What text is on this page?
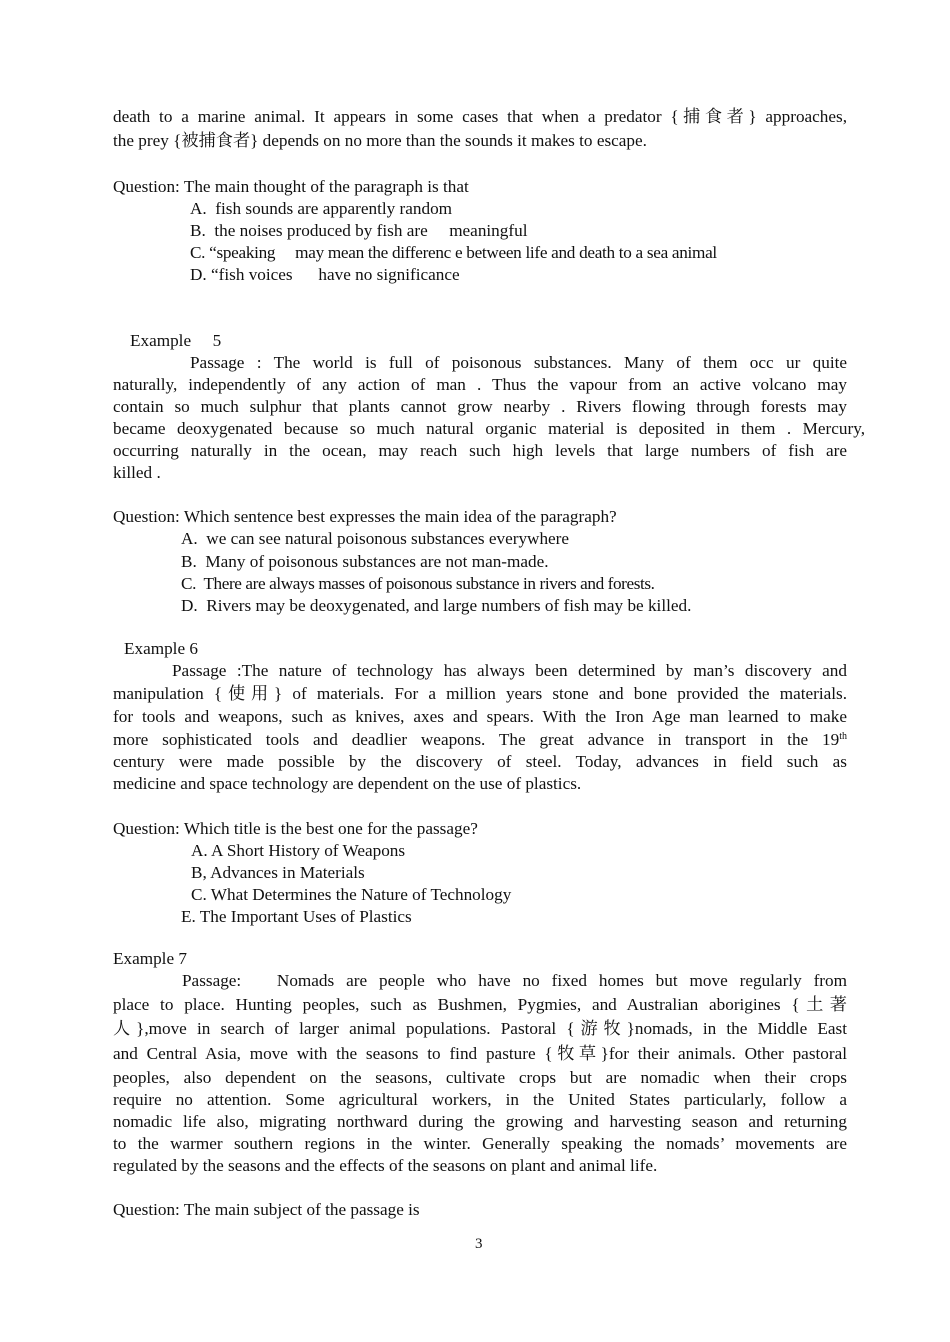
death to a marine animal. It appears in some cases that when a predator {捕食者} approaches,
the prey {被捕食者} depends on no more than the sounds it makes to escape.
Question: The main thought of the paragraph is that
A.  fish sounds are apparently random
B.  the noises produced by fish are     meaningful
C. “speaking     may mean the differenc e between life and death to a sea animal
D. “fish voices      have no significance
Example     5
Passage : The world is full of poisonous substances. Many of them occ ur quite
naturally, independently of any action of man . Thus the vapour from an active volcano may
contain so much sulphur that plants cannot grow nearby . Rivers flowing through forests may
became deoxygenated because so much natural organic material is deposited in them . Mercury,
occurring naturally in the ocean, may reach such high levels that large numbers of fish are
killed .
Question: Which sentence best expresses the main idea of the paragraph?
A.  we can see natural poisonous substances everywhere
B.  Many of poisonous substances are not man-made.
C.  There are always masses of poisonous substance in rivers and forests.
D.  Rivers may be deoxygenated, and large numbers of fish may be killed.
Example 6
Passage :The nature of technology has always been determined by man’s discovery and
manipulation {使用} of materials. For a million years stone and bone provided the materials.
for tools and weapons, such as knives, axes and spears. With the Iron Age man learned to make
more sophisticated tools and deadlier weapons. The great advance in transport in the 19th
century were made possible by the discovery of steel. Today, advances in field such as
medicine and space technology are dependent on the use of plastics.
Question: Which title is the best one for the passage?
A. A Short History of Weapons
B, Advances in Materials
C. What Determines the Nature of Technology
E. The Important Uses of Plastics
Example 7
Passage:   Nomads are people who have no fixed homes but move regularly from
place to place. Hunting peoples, such as Bushmen, Pygmies, and Australian aborigines {土著
人},move in search of larger animal populations. Pastoral {游牧}nomads, in the Middle East
and Central Asia, move with the seasons to find pasture {牧草}for their animals. Other pastoral
peoples, also dependent on the seasons, cultivate crops but are nomadic when their crops
require no attention. Some agricultural workers, in the United States particularly, follow a
nomadic life also, migrating northward during the growing and harvesting season and returning
to the warmer southern regions in the winter. Generally speaking the nomads’ movements are
regulated by the seasons and the effects of the seasons on plant and animal life.
Question: The main subject of the passage is
3
